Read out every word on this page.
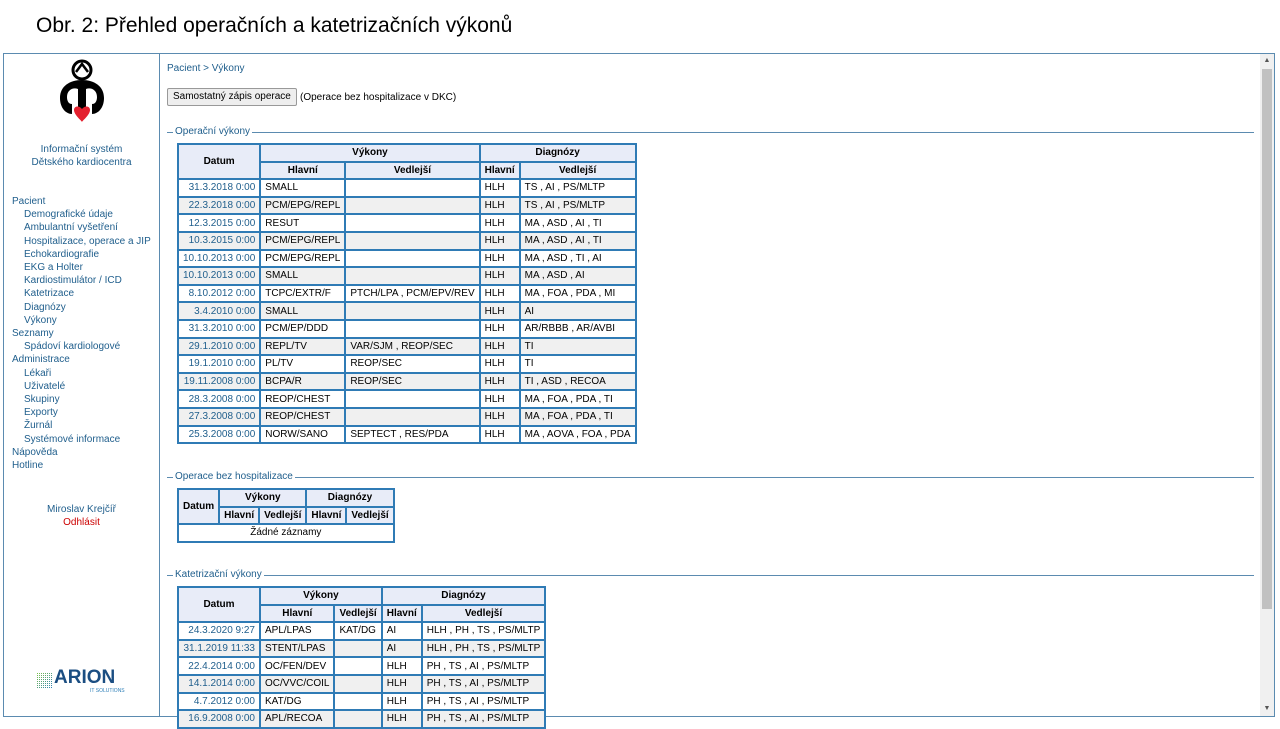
Obr. 2: Přehled operačních a katetrizačních výkonů
Informační systém
Dětského kardiocentra
Pacient
Demografické údaje
Ambulantní vyšetření
Hospitalizace, operace a JIP
Echokardiografie
EKG a Holter
Kardiostimulátor / ICD
Katetrizace
Diagnózy
Výkony
Seznamy
Spádoví kardiologové
Administrace
Lékaři
Uživatelé
Skupiny
Exporty
Žurnál
Systémové informace
Nápověda
Hotline
Miroslav Krejčíř
Odhlásit
ARION
IT SOLUTIONS
Pacient > Výkony
Samostatný zápis operace (Operace bez hospitalizace v DKC)
Operační výkony
Datum	Výkony		Diagnózy	
	Hlavní	Vedlejší	Hlavní	Vedlejší
31.3.2018 0:00	SMALL		HLH	TS , AI , PS/MLTP
22.3.2018 0:00	PCM/EPG/REPL		HLH	TS , AI , PS/MLTP
12.3.2015 0:00	RESUT		HLH	MA , ASD , AI , TI
10.3.2015 0:00	PCM/EPG/REPL		HLH	MA , ASD , AI , TI
10.10.2013 0:00	PCM/EPG/REPL		HLH	MA , ASD , TI , AI
10.10.2013 0:00	SMALL		HLH	MA , ASD , AI
8.10.2012 0:00	TCPC/EXTR/F	PTCH/LPA , PCM/EPV/REV	HLH	MA , FOA , PDA , MI
3.4.2010 0:00	SMALL		HLH	AI
31.3.2010 0:00	PCM/EP/DDD		HLH	AR/RBBB , AR/AVBI
29.1.2010 0:00	REPL/TV	VAR/SJM , REOP/SEC	HLH	TI
19.1.2010 0:00	PL/TV	REOP/SEC	HLH	TI
19.11.2008 0:00	BCPA/R	REOP/SEC	HLH	TI , ASD , RECOA
28.3.2008 0:00	REOP/CHEST		HLH	MA , FOA , PDA , TI
27.3.2008 0:00	REOP/CHEST		HLH	MA , FOA , PDA , TI
25.3.2008 0:00	NORW/SANO	SEPTECT , RES/PDA	HLH	MA , AOVA , FOA , PDA
Operace bez hospitalizace
Datum	Výkony		Diagnózy	
	Hlavní	Vedlejší	Hlavní	Vedlejší
Žádné záznamy				
Katetrizační výkony
Datum	Výkony		Diagnózy	
	Hlavní	Vedlejší	Hlavní	Vedlejší
24.3.2020 9:27	APL/LPAS	KAT/DG	AI	HLH , PH , TS , PS/MLTP
31.1.2019 11:33	STENT/LPAS		AI	HLH , PH , TS , PS/MLTP
22.4.2014 0:00	OC/FEN/DEV		HLH	PH , TS , AI , PS/MLTP
14.1.2014 0:00	OC/VVC/COIL		HLH	PH , TS , AI , PS/MLTP
4.7.2012 0:00	KAT/DG		HLH	PH , TS , AI , PS/MLTP
16.9.2008 0:00	APL/RECOA		HLH	PH , TS , AI , PS/MLTP
▲
▼
